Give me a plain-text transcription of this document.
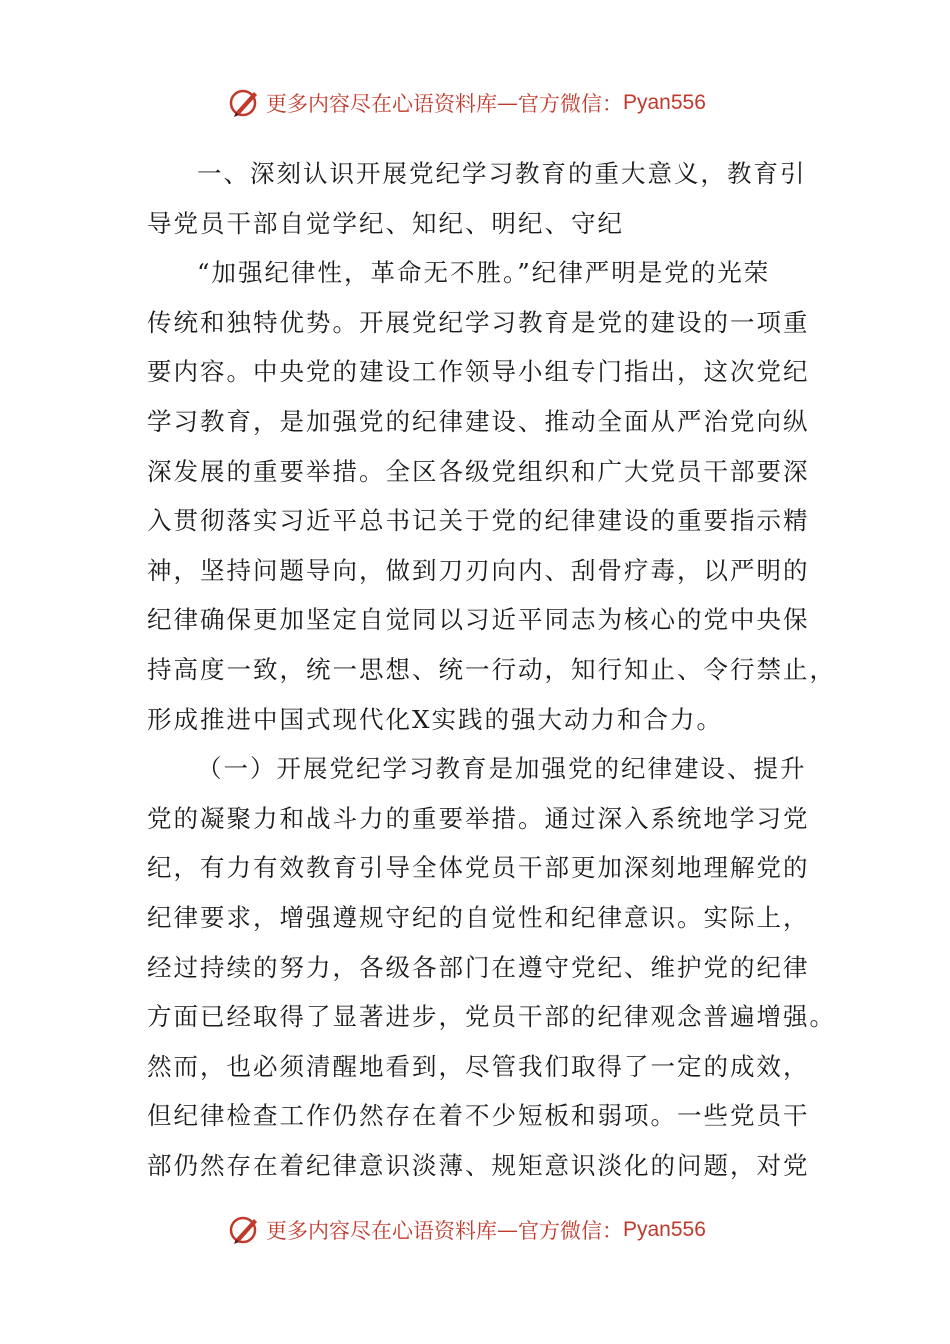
更多内容尽在心语资料库 — 官方微信： Pyan556
一、深刻认识开展党纪学习教育的重大意义，教育引
导党员干部自觉学纪、知纪、明纪、守纪
“加强纪律性，革命无不胜。”纪律严明是党的光荣
传统和独特优势。开展党纪学习教育是党的建设的一项重
要内容。中央党的建设工作领导小组专门指出，这次党纪
学习教育，是加强党的纪律建设、推动全面从严治党向纵
深发展的重要举措。全区各级党组织和广大党员干部要深
入贯彻落实习近平总书记关于党的纪律建设的重要指示精
神，坚持问题导向，做到刀刃向内、刮骨疗毒，以严明的
纪律确保更加坚定自觉同以习近平同志为核心的党中央保
持高度一致，统一思想、统一行动，知行知止、令行禁止，
形成推进中国式现代化X实践的强大动力和合力。
（一）开展党纪学习教育是加强党的纪律建设、提升
党的凝聚力和战斗力的重要举措。通过深入系统地学习党
纪，有力有效教育引导全体党员干部更加深刻地理解党的
纪律要求，增强遵规守纪的自觉性和纪律意识。实际上，
经过持续的努力，各级各部门在遵守党纪、维护党的纪律
方面已经取得了显著进步，党员干部的纪律观念普遍增强。
然而，也必须清醒地看到，尽管我们取得了一定的成效，
但纪律检查工作仍然存在着不少短板和弱项。一些党员干
部仍然存在着纪律意识淡薄、规矩意识淡化的问题，对党
更多内容尽在心语资料库 — 官方微信： Pyan556
